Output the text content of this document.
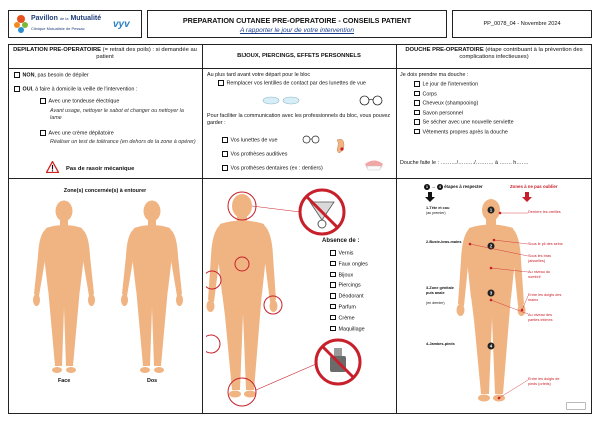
Pavillon de la Mutualité
Clinique Mutualiste de Pessac	vyv	PREPARATION CUTANEE PRE-OPERATOIRE - CONSEILS PATIENT
A rapporter le jour de votre intervention
PP_0078_04 - Novembre 2024
DEPILATION PRE-OPERATOIRE (= retrait des poils) : si demandée au patient	BIJOUX, PIERCINGS, EFFETS PERSONNELS
DOUCHE PRE-OPERATOIRE (étape contribuant à la prévention des complications infectieuses)
NON, pas besoin de dépiler
OUI, à faire à domicile la veille de l'intervention :
Avec une tondeuse électrique
Avant usage, nettoyer le sabot et changer ou nettoyer la lame
Avec une crème dépilatoire
Réaliser un test de tolérance (en dehors de la zone à opérer)
Pas de rasoir mécanique
Zone(s) concernée(s) à entourer
Face	Dos
Au plus tard avant votre départ pour le bloc
Remplacer vos lentilles de contact par des lunettes de vue
Pour faciliter la communication avec les professionnels du bloc, vous pouvez garder :
Vos lunettes de vue
Vos prothèses auditives
Vos prothèses dentaires (ex : dentiers)
Absence de :
Vernis
Faux ongles
Bijoux
Piercings
Déodorant
Parfum
Crème
Maquillage
Je dois prendre ma douche :
Le jour de l'intervention
Corps
Cheveux (shampooing)
Savon personnel
Se sécher avec une nouvelle serviette
Vêtements propres après la douche
Douche faite le : ………/………/………. à ……. h…….
1 → 4 étapes à respecter	Zones à ne pas oublier
1
2
3
4
1-Tête et cou
(au premier)
2-Buste-bras-mains
3-Zone génitale puis anale
(en dernier)
4-Jambes-pieds
Derrière les oreilles
Sous le pli des seins
Sous les bras (aisselles)
Au niveau du nombril
Entre les doigts des mains
Au niveau des parties intimes
Entre les doigts de pieds (orteils)
